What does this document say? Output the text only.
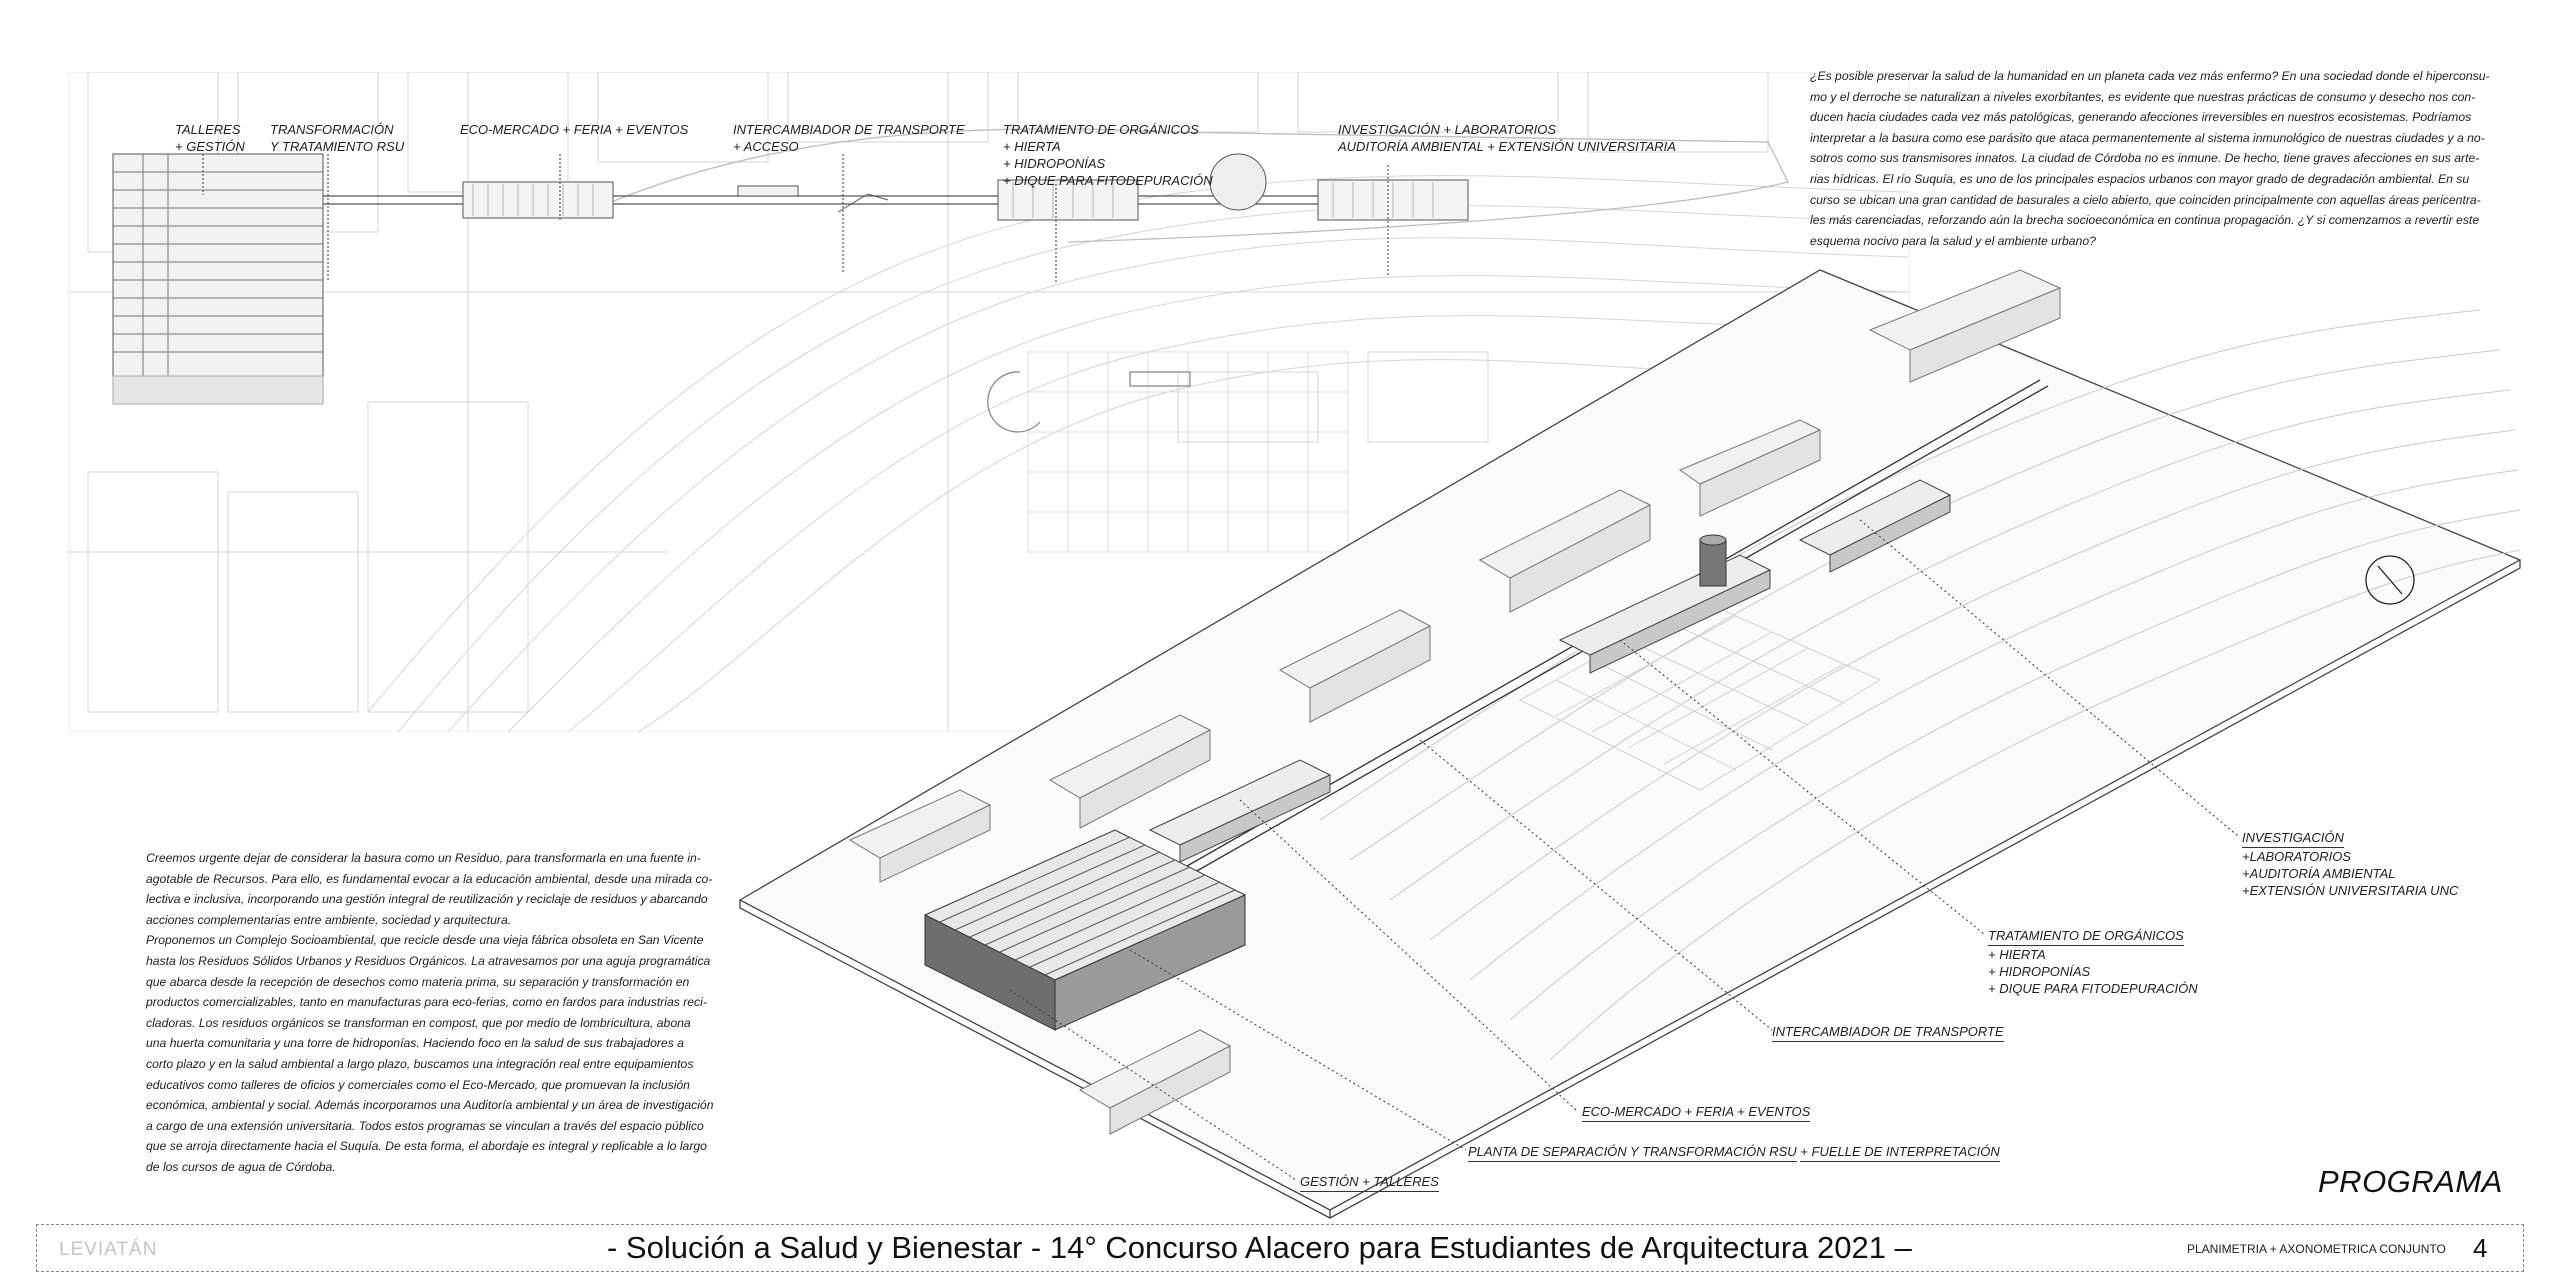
TALLERES
+ GESTIÓN
TRANSFORMACIÓN
Y TRATAMIENTO RSU
ECO-MERCADO + FERIA + EVENTOS	INTERCAMBIADOR DE TRANSPORTE
+ ACCESO
TRATAMIENTO DE ORGÁNICOS
+ HIERTA
+ HIDROPONÍAS
+ DIQUE PARA FITODEPURACIÓN
INVESTIGACIÓN + LABORATORIOS
AUDITORÍA AMBIENTAL + EXTENSIÓN UNIVERSITARIA
INVESTIGACIÓN
+LABORATORIOS
+AUDITORÍA AMBIENTAL
+EXTENSIÓN UNIVERSITARIA UNC
TRATAMIENTO DE ORGÁNICOS
+ HIERTA
+ HIDROPONÍAS
+ DIQUE PARA FITODEPURACIÓN
INTERCAMBIADOR DE TRANSPORTE
ECO-MERCADO + FERIA + EVENTOS
PLANTA DE SEPARACIÓN Y TRANSFORMACIÓN RSU + FUELLE DE INTERPRETACIÓN
GESTIÓN + TALLERES
¿Es posible preservar la salud de la humanidad en un planeta cada vez más enfermo? En una sociedad donde el hiperconsu-
mo y el derroche se naturalizan a niveles exorbitantes, es evidente que nuestras prácticas de consumo y desecho nos con-
ducen hacia ciudades cada vez más patológicas, generando afecciones irreversibles en nuestros ecosistemas. Podríamos
interpretar a la basura como ese parásito que ataca permanentemente al sistema inmunológico de nuestras ciudades y a no-
sotros como sus transmisores innatos. La ciudad de Córdoba no es inmune. De hecho, tiene graves afecciones en sus arte-
rias hídricas. El río Suquía, es uno de los principales espacios urbanos con mayor grado de degradación ambiental. En su
curso se ubican una gran cantidad de basurales a cielo abierto, que coinciden principalmente con aquellas áreas pericentra-
les más carenciadas, reforzando aún la brecha socioeconómica en continua propagación. ¿Y si comenzamos a revertir este
esquema nocivo para la salud y el ambiente urbano?
Creemos urgente dejar de considerar la basura como un Residuo, para transformarla en una fuente in-
agotable de Recursos. Para ello, es fundamental evocar a la educación ambiental, desde una mirada co-
lectiva e inclusiva, incorporando una gestión integral de reutilización y reciclaje de residuos y abarcando
acciones complementarias entre ambiente, sociedad y arquitectura.
Proponemos un Complejo Socioambiental, que recicle desde una vieja fábrica obsoleta en San Vicente
hasta los Residuos Sólidos Urbanos y Residuos Orgánicos. La atravesamos por una aguja programática
que abarca desde la recepción de desechos como materia prima, su separación y transformación en
productos comercializables, tanto en manufacturas para eco-ferias, como en fardos para industrias reci-
cladoras. Los residuos orgánicos se transforman en compost, que por medio de lombricultura, abona
una huerta comunitaria y una torre de hidroponías. Haciendo foco en la salud de sus trabajadores a
corto plazo y en la salud ambiental a largo plazo, buscamos una integración real entre equipamientos
educativos como talleres de oficios y comerciales como el Eco-Mercado, que promuevan la inclusión
económica, ambiental y social. Además incorporamos una Auditoría ambiental y un área de investigación
a cargo de una extensión universitaria. Todos estos programas se vinculan a través del espacio público
que se arroja directamente hacia el Suquía. De esta forma, el abordaje es integral y replicable a lo largo
de los cursos de agua de Córdoba.	PROGRAMA
LEVIATÁN	- Solución a Salud y Bienestar - 14° Concurso Alacero para Estudiantes de Arquitectura 2021 –	PLANIMETRIA + AXONOMETRICA CONJUNTO 4
